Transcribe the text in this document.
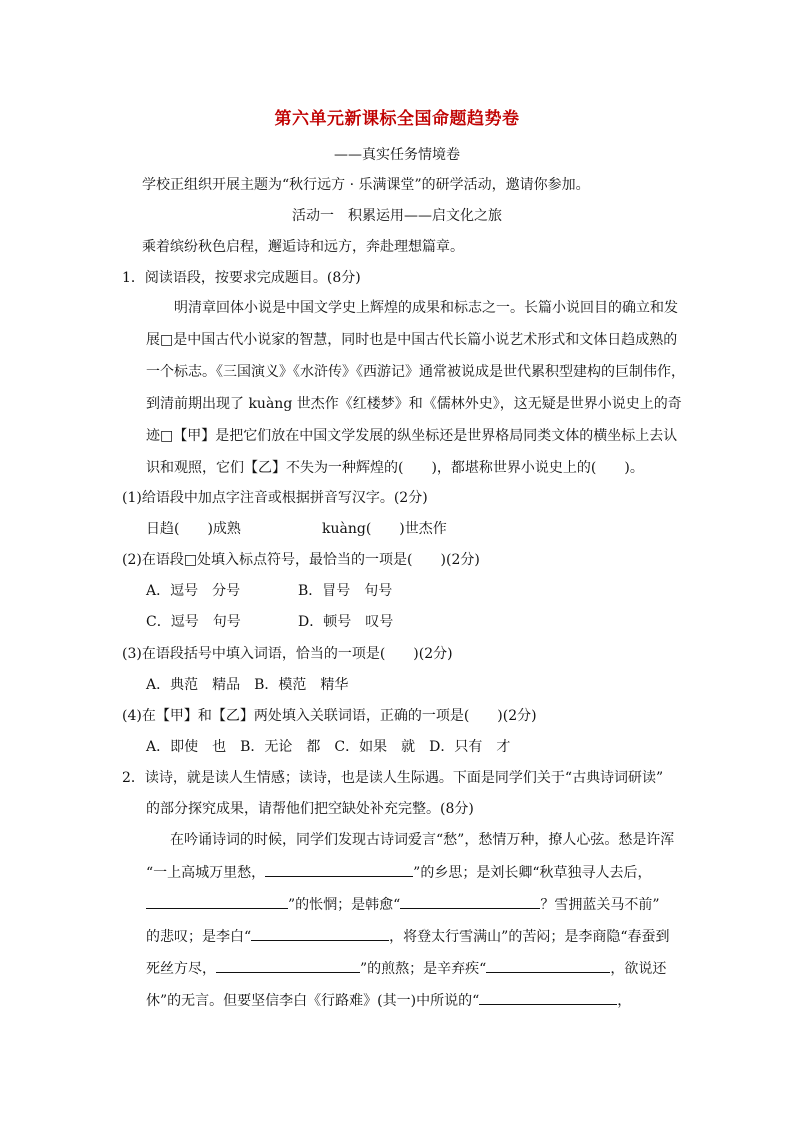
第六单元新课标全国命题趋势卷
——真实任务情境卷
学校正组织开展主题为“秋行远方 · 乐满课堂”的研学活动，邀请你参加。
活动一　积累运用——启文化之旅
乘着缤纷秋色启程，邂逅诗和远方，奔赴理想篇章。
1．阅读语段，按要求完成题目。(8分)
明清章回体小说是中国文学史上辉煌的成果和标志之一。长篇小说回目的确立和发
展□是中国古代小说家的智慧，同时也是中国古代长篇小说艺术形式和文体日趋成熟的
一个标志。《三国演义》《水浒传》《西游记》通常被说成是世代累积型建构的巨制伟作，
到清前期出现了 kuàng 世杰作《红楼梦》和《儒林外史》，这无疑是世界小说史上的奇
迹□【甲】是把它们放在中国文学发展的纵坐标还是世界格局同类文体的横坐标上去认
识和观照，它们【乙】不失为一种辉煌的(　　)，都堪称世界小说史上的(　　)。
(1)给语段中加点字注音或根据拼音写汉字。(2分)
日趋(　　)成熟	kuàng(　　)世杰作
(2)在语段□处填入标点符号，最恰当的一项是(　　)(2分)
A．逗号　分号	B．冒号　句号
C．逗号　句号	D．顿号　叹号
(3)在语段括号中填入词语，恰当的一项是(　　)(2分)
A．典范　精品　B．模范　精华
(4)在【甲】和【乙】两处填入关联词语，正确的一项是(　　)(2分)
A．即使　也　B．无论　都　C．如果　就　D．只有　才
2．读诗，就是读人生情感；读诗，也是读人生际遇。下面是同学们关于“古典诗词研读”
的部分探究成果，请帮他们把空缺处补充完整。(8分)
在吟诵诗词的时候，同学们发现古诗词爱言“愁”，愁情万种，撩人心弦。愁是许浑
“一上高城万里愁，	”的乡思；是刘长卿“秋草独寻人去后，
”的怅惘；是韩愈“	？雪拥蓝关马不前”
的悲叹；是李白“	，将登太行雪满山”的苦闷；是李商隐“春蚕到
死丝方尽，	”的煎熬；是辛弃疾“	，欲说还
休”的无言。但要坚信李白《行路难》(其一)中所说的“	，
